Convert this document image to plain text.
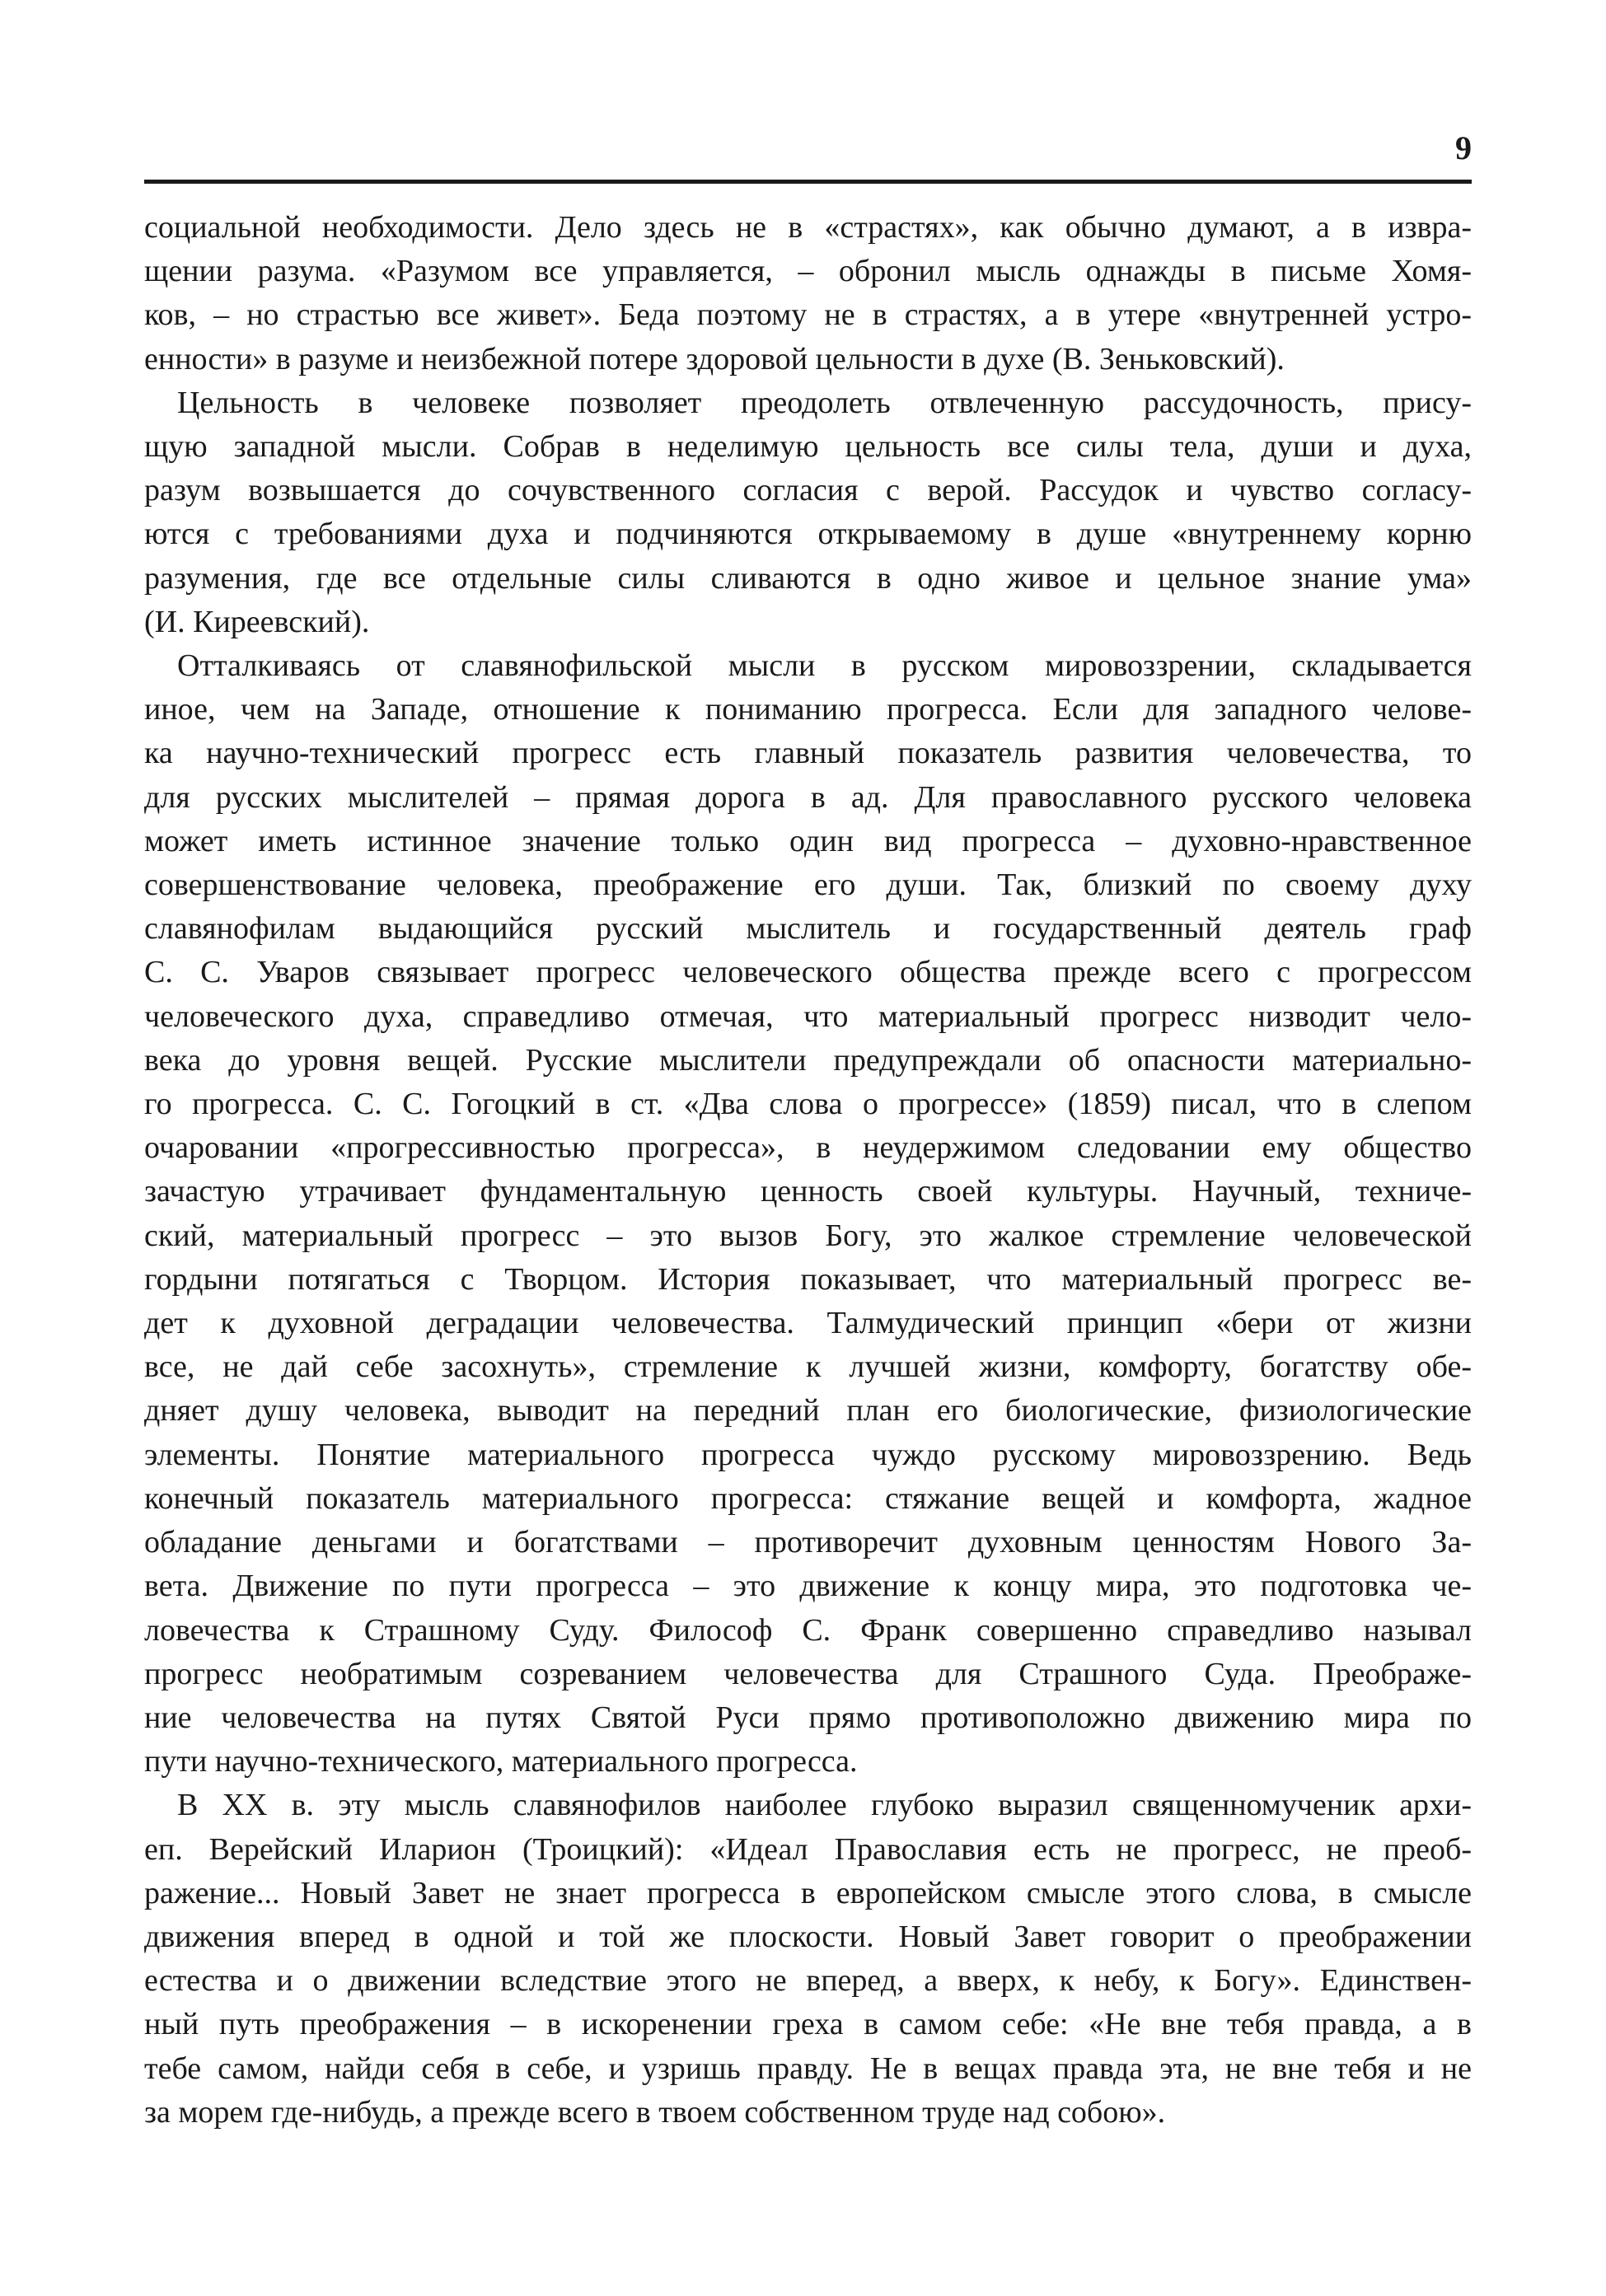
9
социальной необходимости. Дело здесь не в «страстях», как обычно думают, а в извра-
щении разума. «Разумом все управляется, – обронил мысль однажды в письме Хомя-
ков, – но страстью все живет». Беда поэтому не в страстях, а в утере «внутренней устро-
енности» в разуме и неизбежной потере здоровой цельности в духе (В. Зеньковский).
Цельность в человеке позволяет преодолеть отвлеченную рассудочность, прису-
щую западной мысли. Собрав в неделимую цельность все силы тела, души и духа,
разум возвышается до сочувственного согласия с верой. Рассудок и чувство согласу-
ются с требованиями духа и подчиняются открываемому в душе «внутреннему корню
разумения, где все отдельные силы сливаются в одно живое и цельное знание ума»
(И. Киреевский).
Отталкиваясь от славянофильской мысли в русском мировоззрении, складывается
иное, чем на Западе, отношение к пониманию прогресса. Если для западного челове-
ка научно-технический прогресс есть главный показатель развития человечества, то
для русских мыслителей – прямая дорога в ад. Для православного русского человека
может иметь истинное значение только один вид прогресса – духовно-нравственное
совершенствование человека, преображение его души. Так, близкий по своему духу
славянофилам выдающийся русский мыслитель и государственный деятель граф
С. С. Уваров связывает прогресс человеческого общества прежде всего с прогрессом
человеческого духа, справедливо отмечая, что материальный прогресс низводит чело-
века до уровня вещей. Русские мыслители предупреждали об опасности материально-
го прогресса. С. С. Гогоцкий в ст. «Два слова о прогрессе» (1859) писал, что в слепом
очаровании «прогрессивностью прогресса», в неудержимом следовании ему общество
зачастую утрачивает фундаментальную ценность своей культуры. Научный, техниче-
ский, материальный прогресс – это вызов Богу, это жалкое стремление человеческой
гордыни потягаться с Творцом. История показывает, что материальный прогресс ве-
дет к духовной деградации человечества. Талмудический принцип «бери от жизни
все, не дай себе засохнуть», стремление к лучшей жизни, комфорту, богатству обе-
дняет душу человека, выводит на передний план его биологические, физиологические
элементы. Понятие материального прогресса чуждо русскому мировоззрению. Ведь
конечный показатель материального прогресса: стяжание вещей и комфорта, жадное
обладание деньгами и богатствами – противоречит духовным ценностям Нового За-
вета. Движение по пути прогресса – это движение к концу мира, это подготовка че-
ловечества к Страшному Суду. Философ С. Франк совершенно справедливо называл
прогресс необратимым созреванием человечества для Страшного Суда. Преображе-
ние человечества на путях Святой Руси прямо противоположно движению мира по
пути научно-технического, материального прогресса.
В XX в. эту мысль славянофилов наиболее глубоко выразил священномученик архи-
еп. Верейский Иларион (Троицкий): «Идеал Православия есть не прогресс, не преоб-
ражение... Новый Завет не знает прогресса в европейском смысле этого слова, в смысле
движения вперед в одной и той же плоскости. Новый Завет говорит о преображении
естества и о движении вследствие этого не вперед, а вверх, к небу, к Богу». Единствен-
ный путь преображения – в искоренении греха в самом себе: «Не вне тебя правда, а в
тебе самом, найди себя в себе, и узришь правду. Не в вещах правда эта, не вне тебя и не
за морем где-нибудь, а прежде всего в твоем собственном труде над собою».
